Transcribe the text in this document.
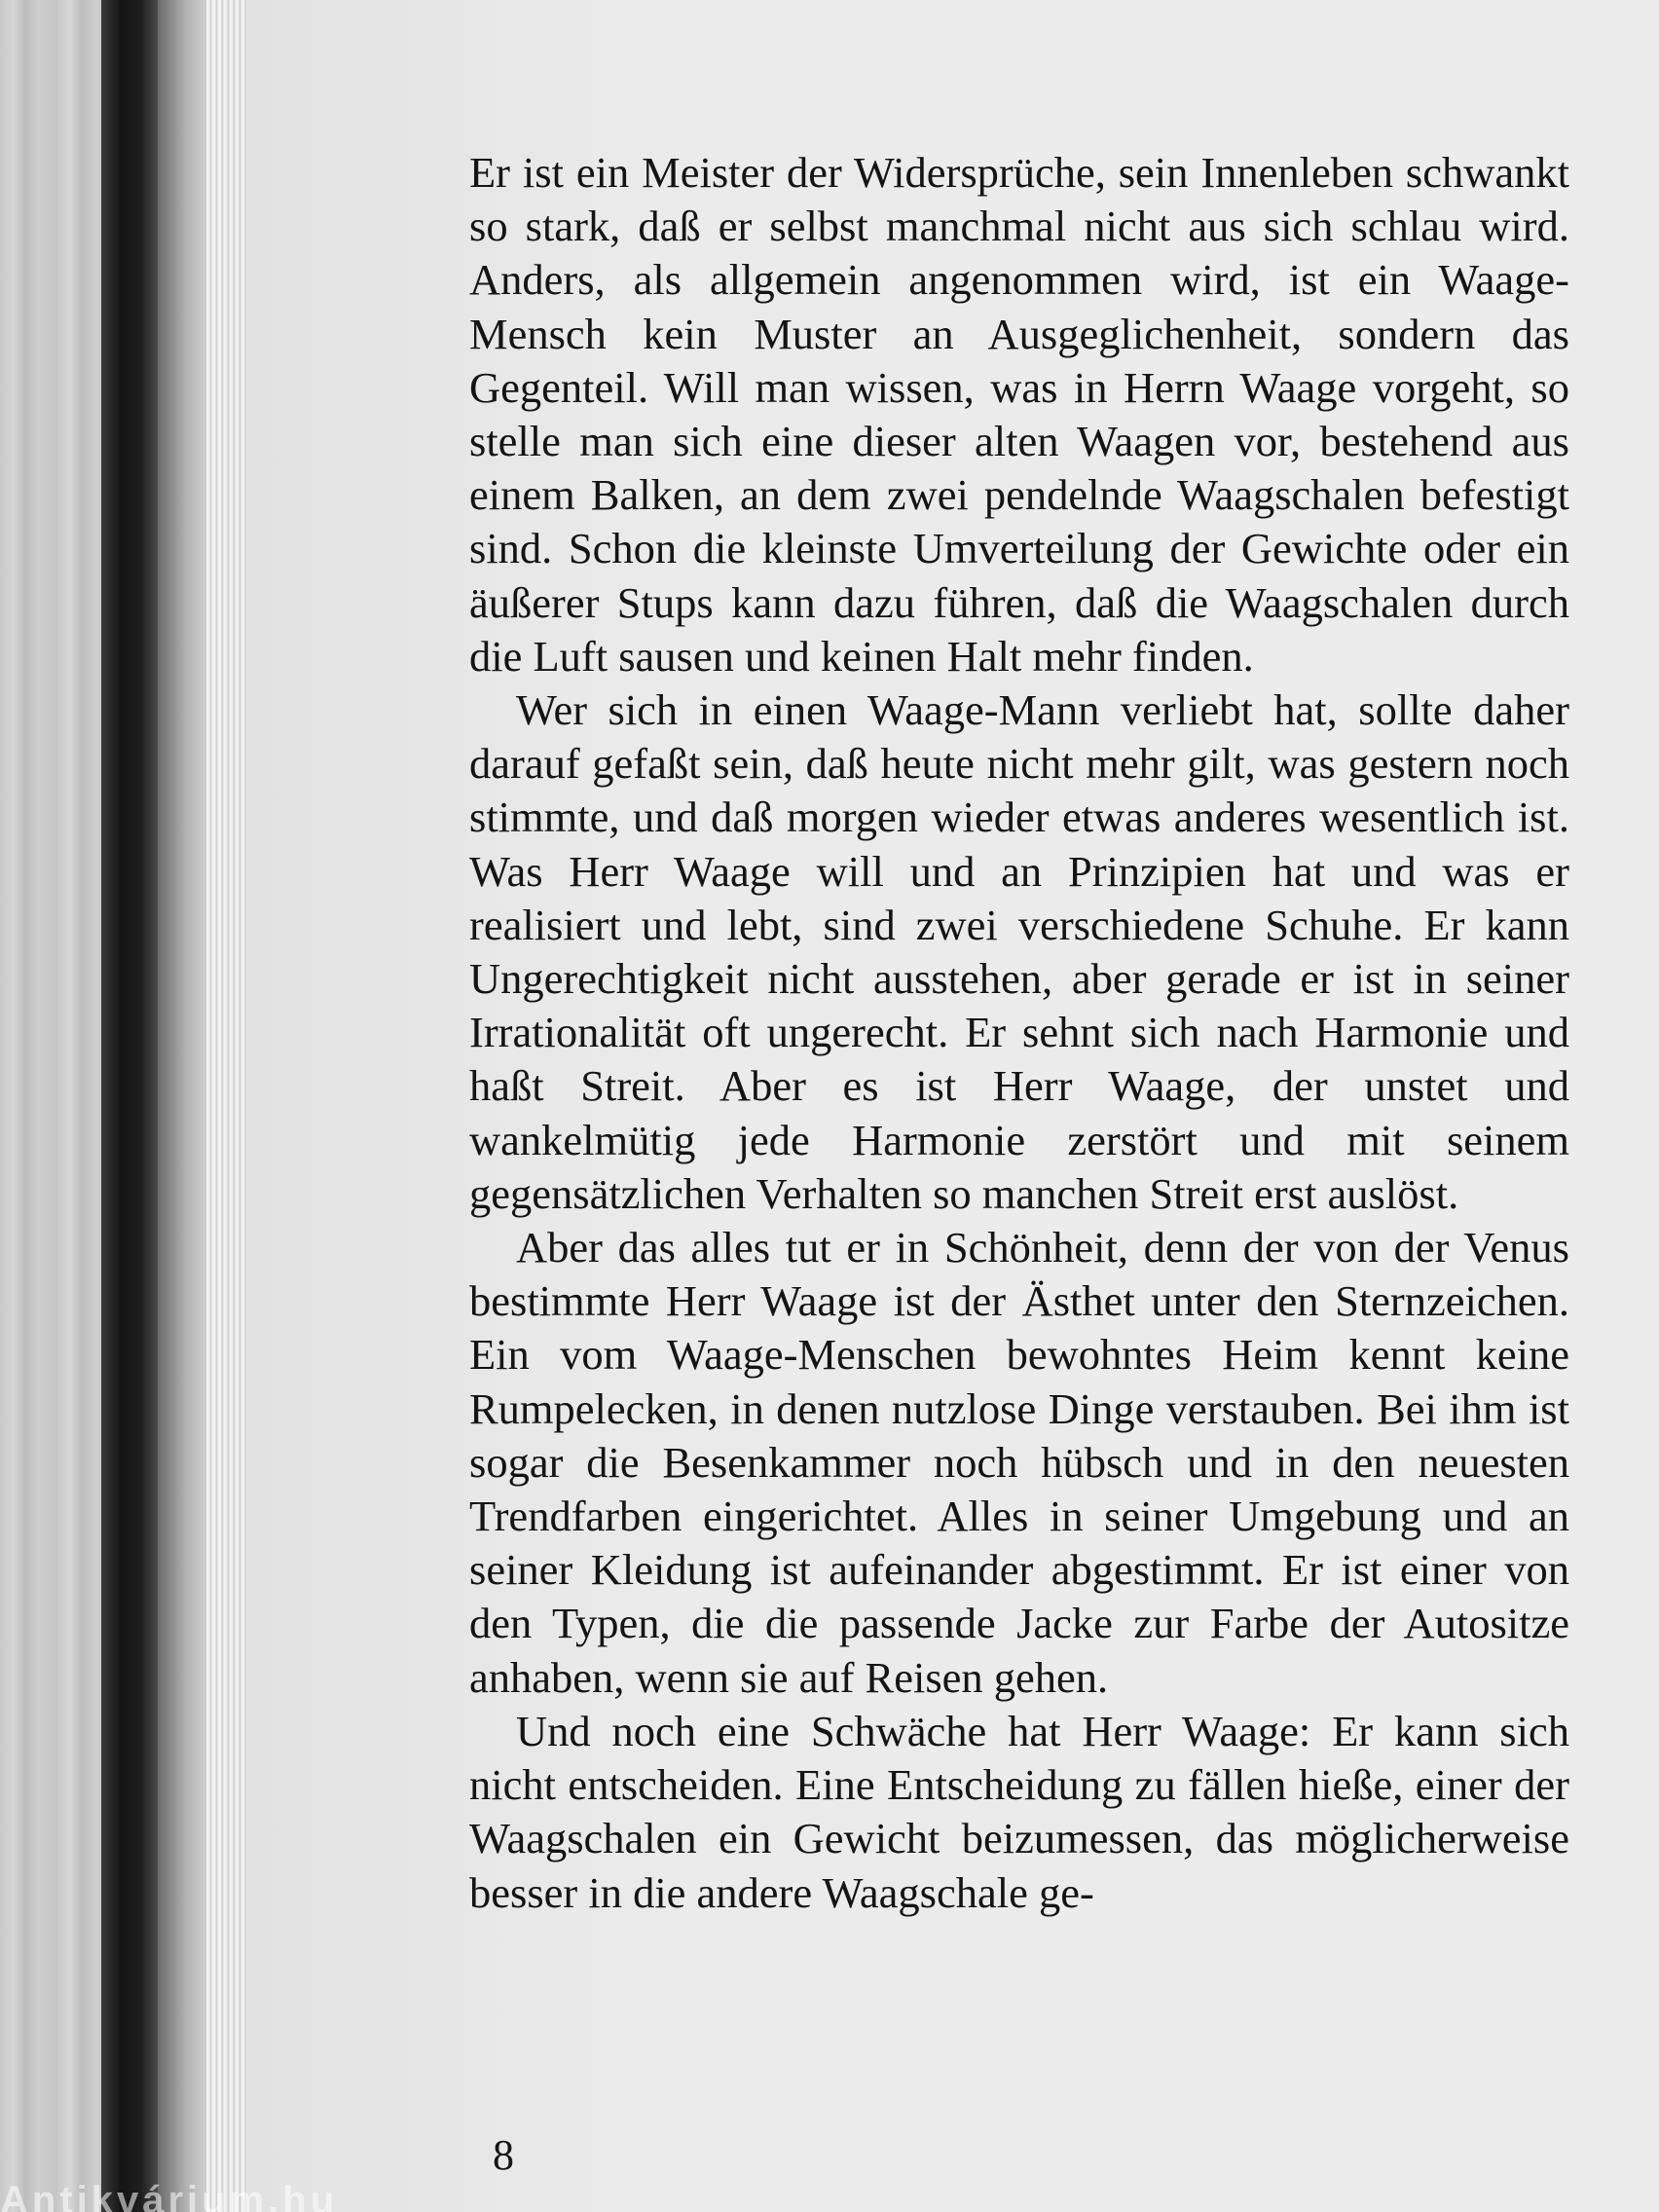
Er ist ein Meister der Widersprüche, sein Innenleben schwankt so stark, daß er selbst manchmal nicht aus sich schlau wird. Anders, als allgemein angenommen wird, ist ein Waage-Mensch kein Muster an Ausgeglichenheit, sondern das Gegenteil. Will man wissen, was in Herrn Waage vorgeht, so stelle man sich eine dieser alten Waagen vor, bestehend aus einem Balken, an dem zwei pendelnde Waagschalen befestigt sind. Schon die kleinste Umverteilung der Gewichte oder ein äußerer Stups kann dazu führen, daß die Waagschalen durch die Luft sausen und keinen Halt mehr finden.

Wer sich in einen Waage-Mann verliebt hat, sollte daher darauf gefaßt sein, daß heute nicht mehr gilt, was gestern noch stimmte, und daß morgen wieder etwas anderes wesentlich ist. Was Herr Waage will und an Prinzipien hat und was er realisiert und lebt, sind zwei verschiedene Schuhe. Er kann Ungerechtigkeit nicht ausstehen, aber gerade er ist in seiner Irrationalität oft ungerecht. Er sehnt sich nach Harmonie und haßt Streit. Aber es ist Herr Waage, der unstet und wankelmütig jede Harmonie zerstört und mit seinem gegensätzlichen Verhalten so manchen Streit erst auslöst.

Aber das alles tut er in Schönheit, denn der von der Venus bestimmte Herr Waage ist der Ästhet unter den Sternzeichen. Ein vom Waage-Menschen bewohntes Heim kennt keine Rumpelecken, in denen nutzlose Dinge verstauben. Bei ihm ist sogar die Besenkammer noch hübsch und in den neuesten Trendfarben eingerichtet. Alles in seiner Umgebung und an seiner Kleidung ist aufeinander abgestimmt. Er ist einer von den Typen, die die passende Jacke zur Farbe der Autositze anhaben, wenn sie auf Reisen gehen.

Und noch eine Schwäche hat Herr Waage: Er kann sich nicht entscheiden. Eine Entscheidung zu fällen hieße, einer der Waagschalen ein Gewicht beizumessen, das möglicherweise besser in die andere Waagschale ge-

8
Antikvárium.hu
